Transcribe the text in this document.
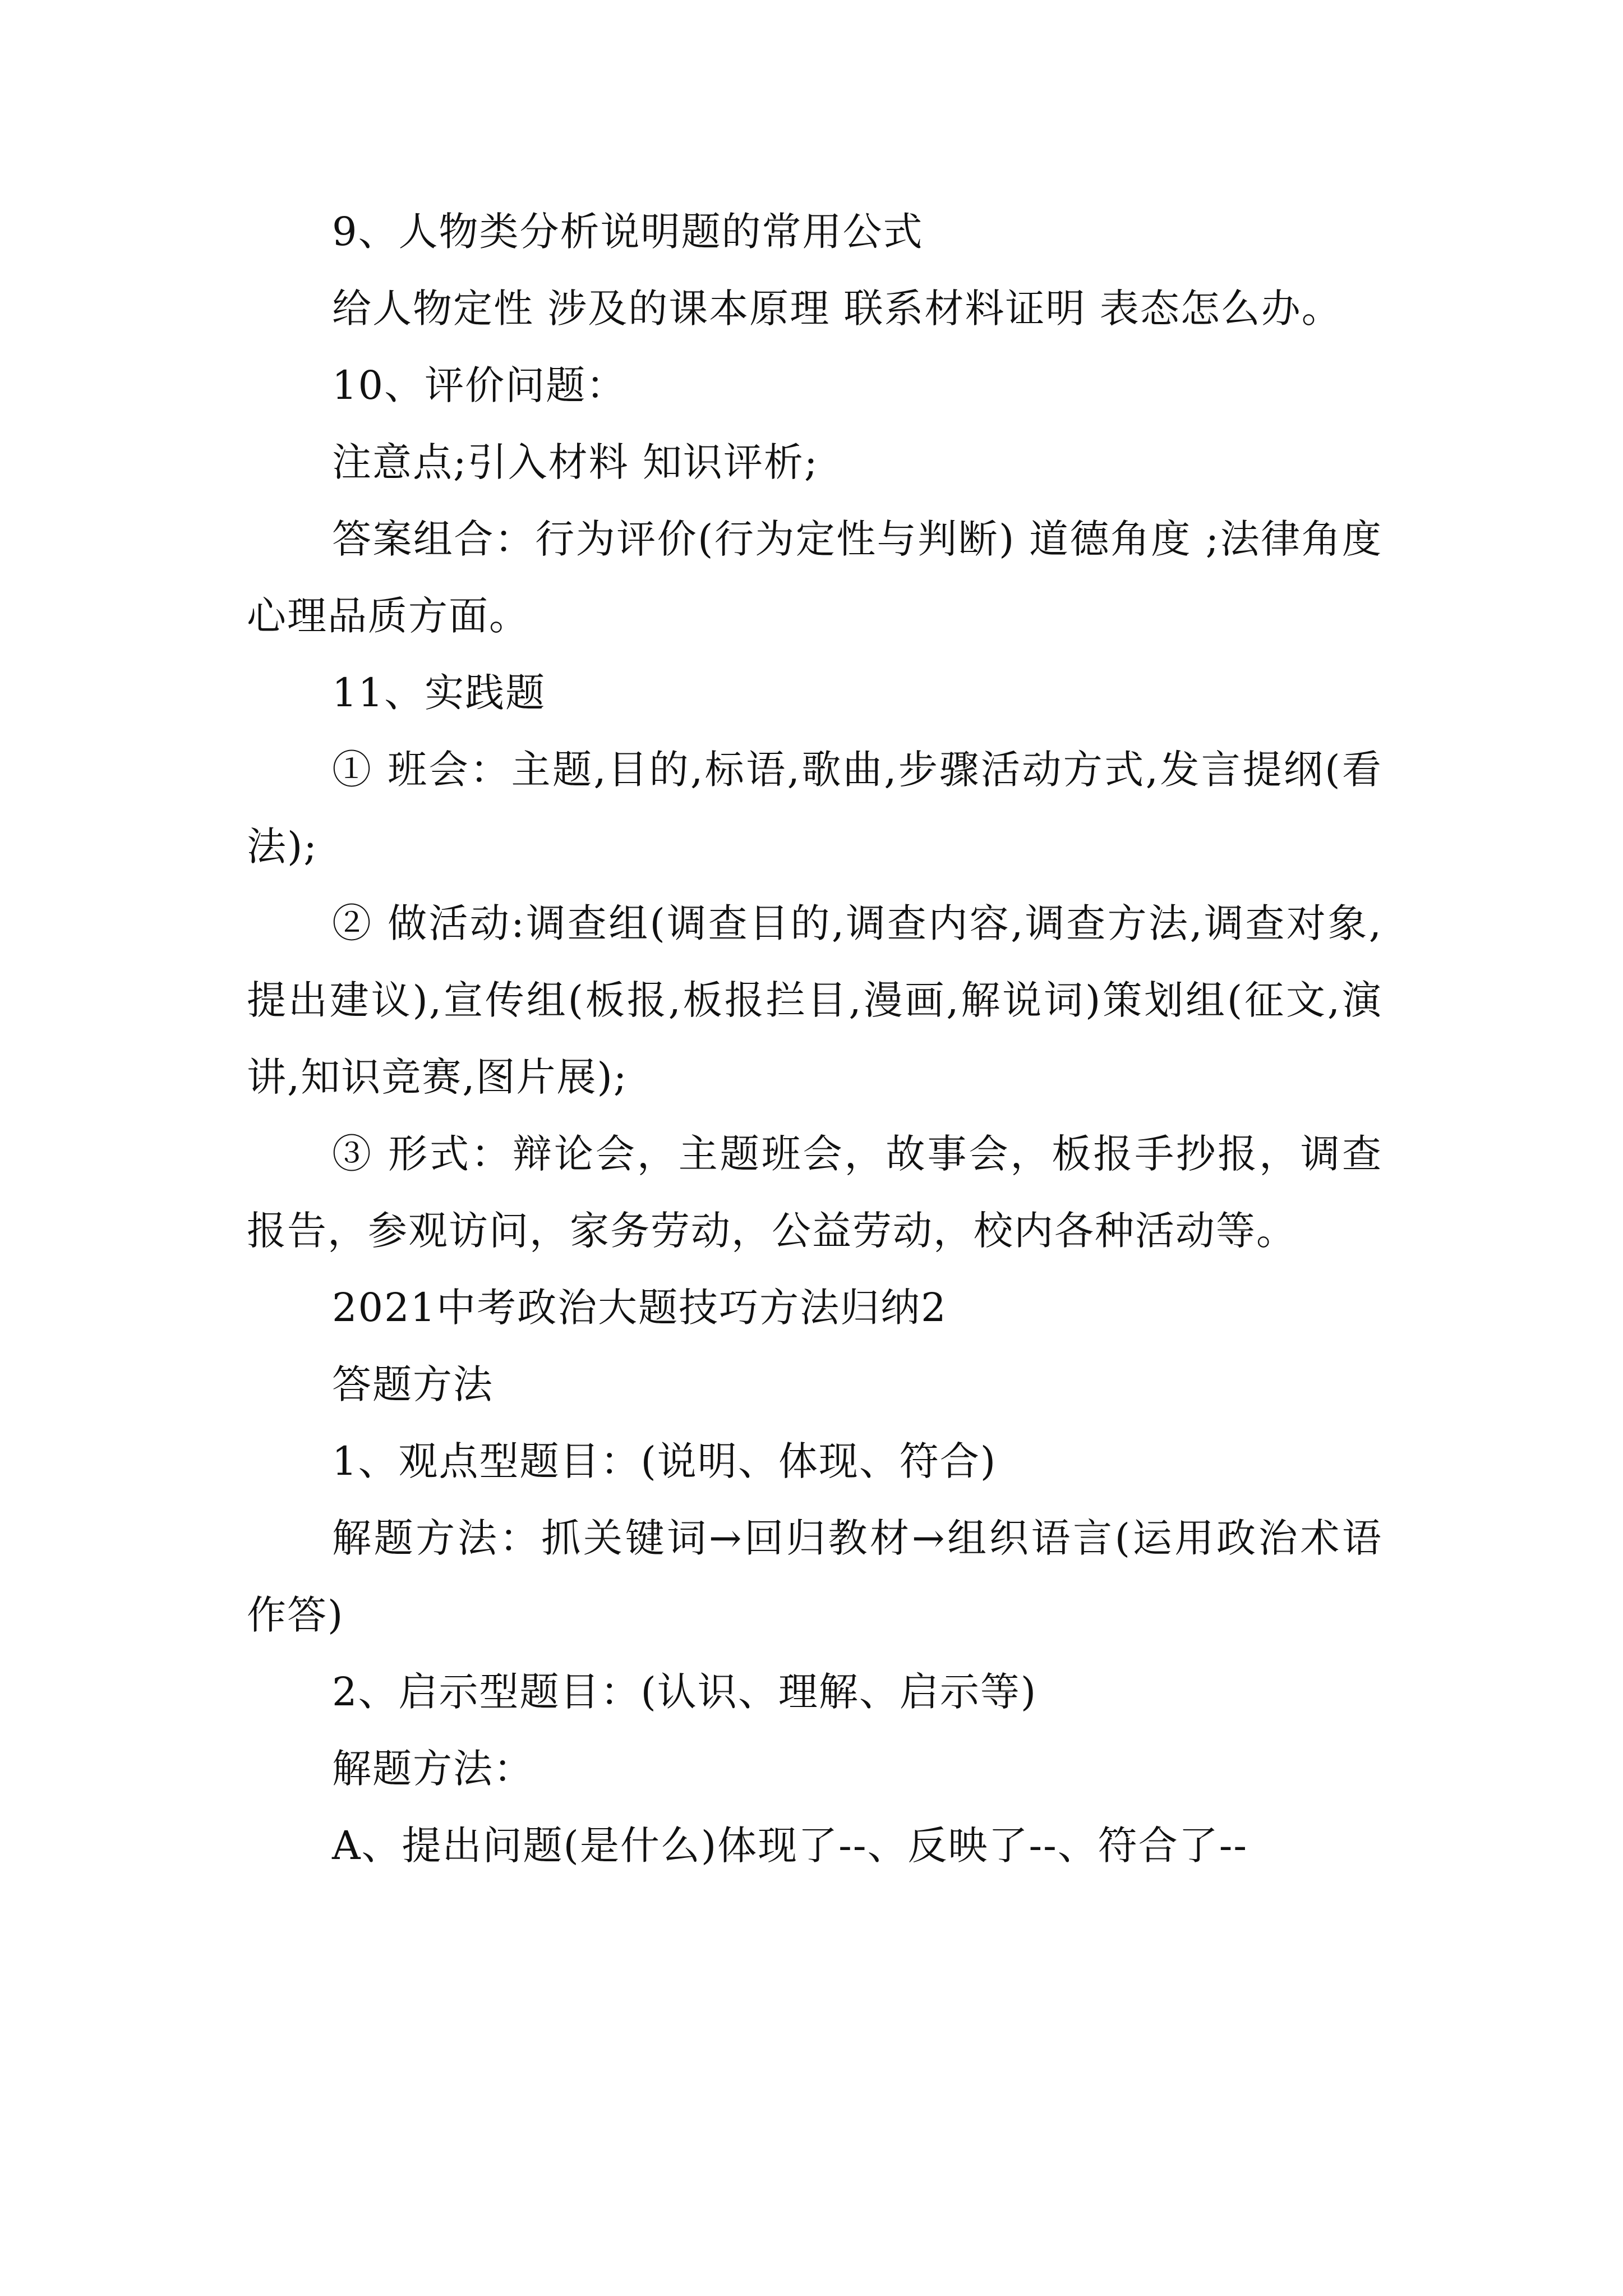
9、人物类分析说明题的常用公式

给人物定性 涉及的课本原理 联系材料证明 表态怎么办。

10、评价问题：

注意点;引入材料 知识评析;

答案组合：行为评价(行为定性与判断) 道德角度 ;法律角度 心理品质方面。

11、实践题

① 班会：主题,目的,标语,歌曲,步骤活动方式,发言提纲(看法);

② 做活动:调查组(调查目的,调查内容,调查方法,调查对象,提出建议),宣传组(板报,板报拦目,漫画,解说词)策划组(征文,演讲,知识竞赛,图片展);

③ 形式：辩论会，主题班会，故事会，板报手抄报，调查报告，参观访问，家务劳动，公益劳动，校内各种活动等。

2021中考政治大题技巧方法归纳2

答题方法

1、观点型题目：(说明、体现、符合)

解题方法：抓关键词→回归教材→组织语言(运用政治术语作答)

2、启示型题目：(认识、理解、启示等)

解题方法：

A、提出问题(是什么)体现了--、反映了--、符合了--
